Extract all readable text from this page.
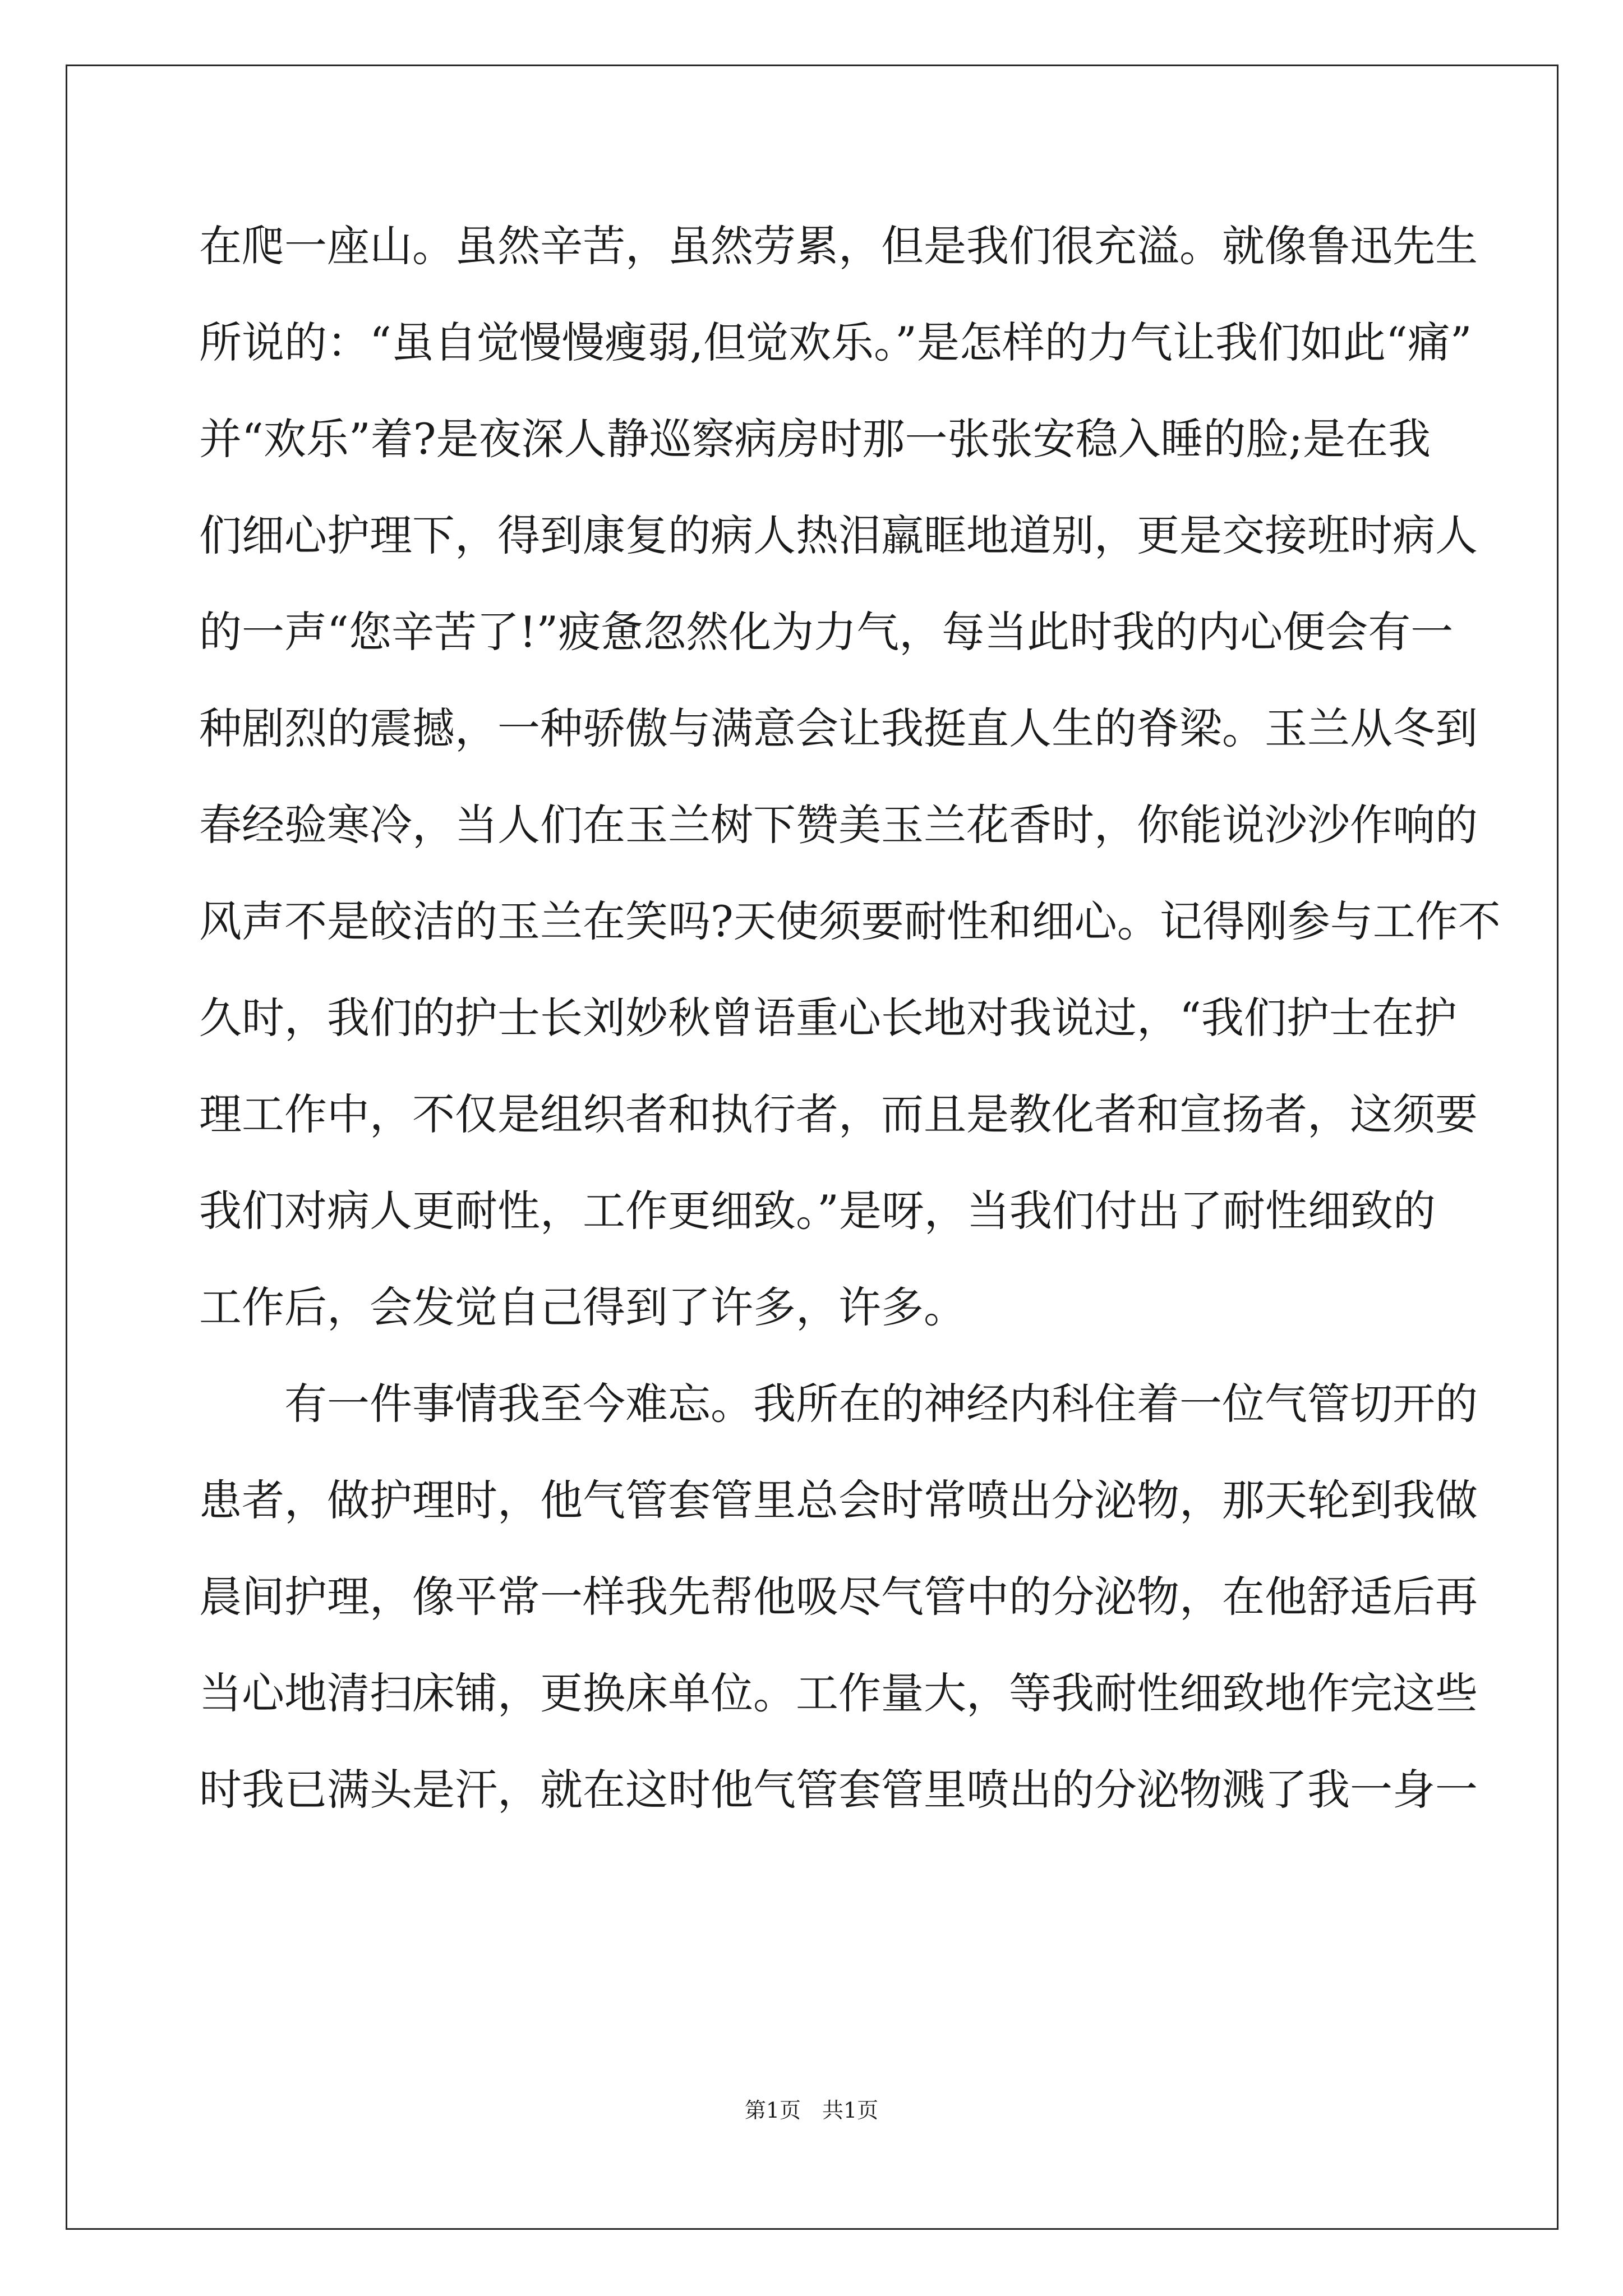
在爬一座山。虽然辛苦，虽然劳累，但是我们很充溢。就像鲁迅先生
所说的：“虽自觉慢慢瘦弱,但觉欢乐。”是怎样的力气让我们如此“痛”
并“欢乐”着?是夜深人静巡察病房时那一张张安稳入睡的脸;是在我
们细心护理下，得到康复的病人热泪羸眶地道别，更是交接班时病人
的一声“您辛苦了!”疲惫忽然化为力气，每当此时我的内心便会有一
种剧烈的震撼，一种骄傲与满意会让我挺直人生的脊梁。玉兰从冬到
春经验寒冷，当人们在玉兰树下赞美玉兰花香时，你能说沙沙作响的
风声不是皎洁的玉兰在笑吗?天使须要耐性和细心。记得刚参与工作不
久时，我们的护士长刘妙秋曾语重心长地对我说过，“我们护士在护
理工作中，不仅是组织者和执行者，而且是教化者和宣扬者，这须要
我们对病人更耐性，工作更细致。”是呀，当我们付出了耐性细致的
工作后，会发觉自己得到了许多，许多。
　　有一件事情我至今难忘。我所在的神经内科住着一位气管切开的
患者，做护理时，他气管套管里总会时常喷出分泌物，那天轮到我做
晨间护理，像平常一样我先帮他吸尽气管中的分泌物，在他舒适后再
当心地清扫床铺，更换床单位。工作量大，等我耐性细致地作完这些
时我已满头是汗，就在这时他气管套管里喷出的分泌物溅了我一身一
第1页　共1页
